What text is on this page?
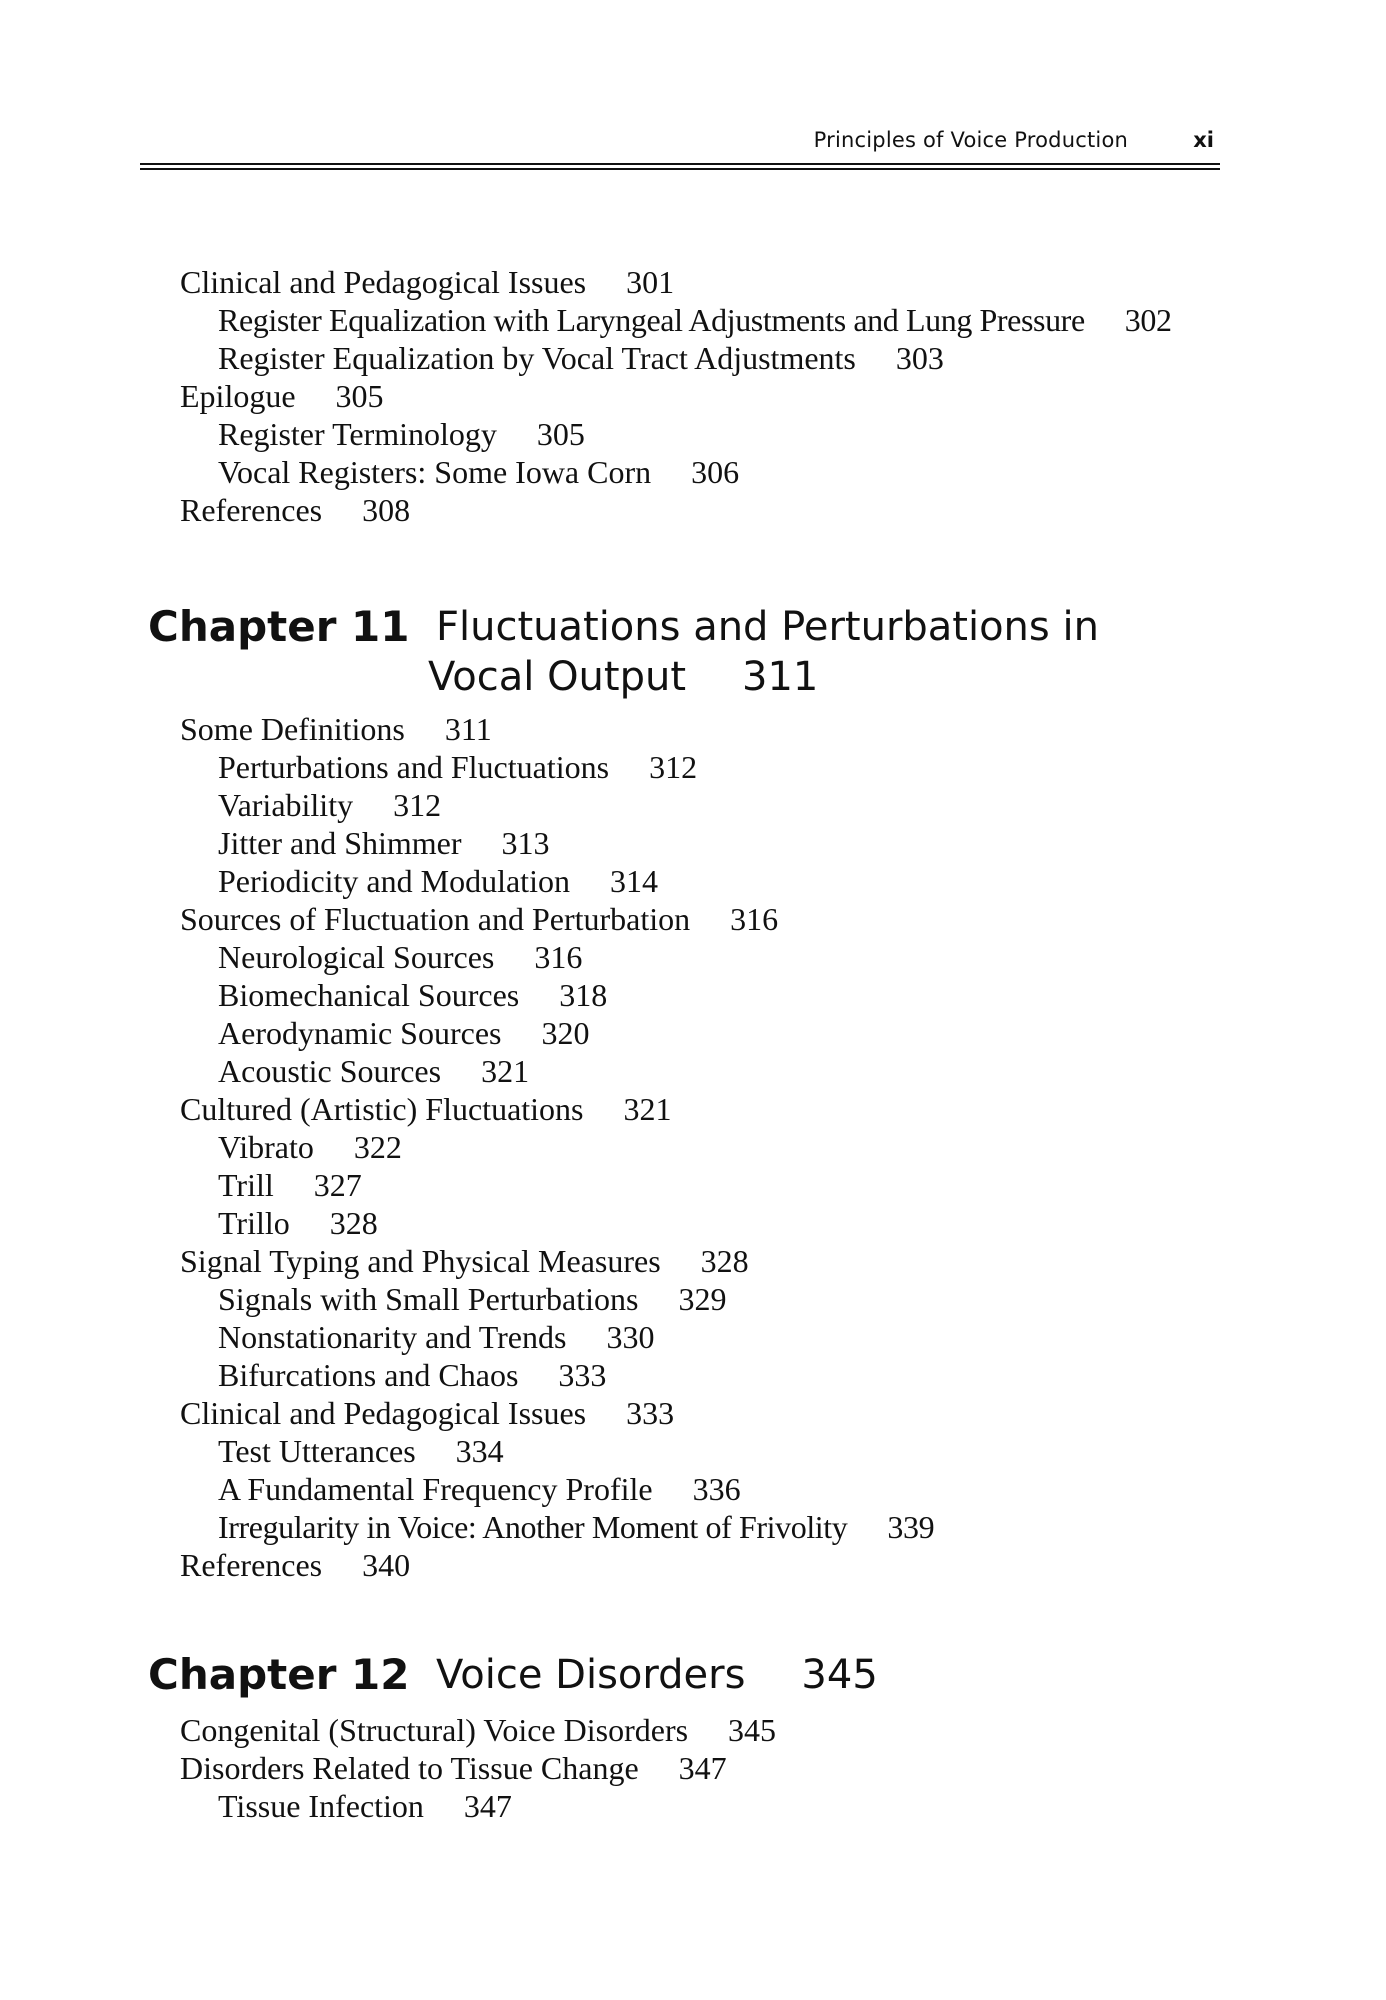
Principles of Voice Production	xi
Clinical and Pedagogical Issues 301
Register Equalization with Laryngeal Adjustments and Lung Pressure 302
Register Equalization by Vocal Tract Adjustments 303
Epilogue 305
Register Terminology 305
Vocal Registers: Some Iowa Corn 306
References 308
Chapter 11 Fluctuations and Perturbations in
Vocal Output 311
Some Definitions 311
Perturbations and Fluctuations 312
Variability 312
Jitter and Shimmer 313
Periodicity and Modulation 314
Sources of Fluctuation and Perturbation 316
Neurological Sources 316
Biomechanical Sources 318
Aerodynamic Sources 320
Acoustic Sources 321
Cultured (Artistic) Fluctuations 321
Vibrato 322
Trill 327
Trillo 328
Signal Typing and Physical Measures 328
Signals with Small Perturbations 329
Nonstationarity and Trends 330
Bifurcations and Chaos 333
Clinical and Pedagogical Issues 333
Test Utterances 334
A Fundamental Frequency Profile 336
Irregularity in Voice: Another Moment of Frivolity 339
References 340
Chapter 12 Voice Disorders 345
Congenital (Structural) Voice Disorders 345
Disorders Related to Tissue Change 347
Tissue Infection 347
